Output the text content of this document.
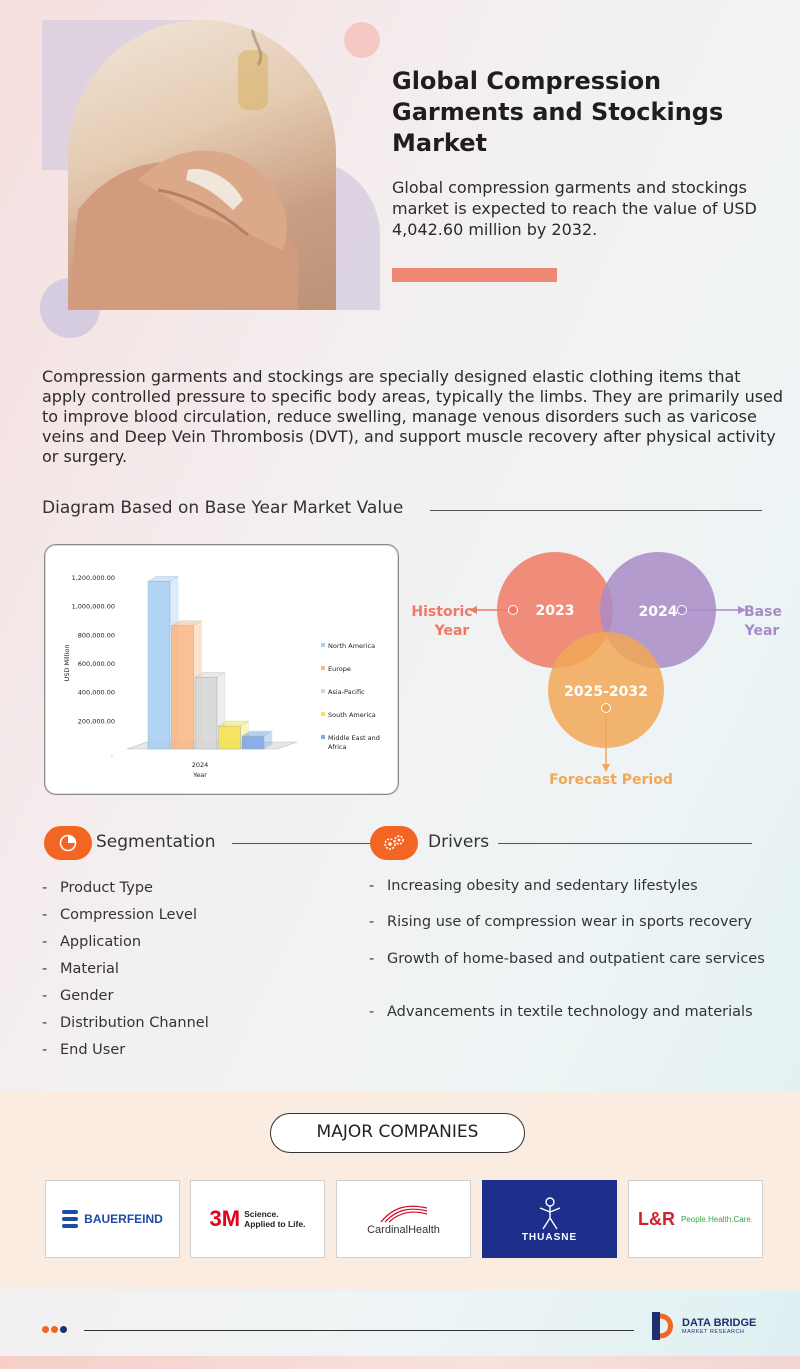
Global Compression Garments and Stockings Market
Global compression garments and stockings market is expected to reach the value of USD 4,042.60 million by 2032.
Compression garments and stockings are specially designed elastic clothing items that apply controlled pressure to specific body areas, typically the limbs. They are primarily used to improve blood circulation, reduce swelling, manage venous disorders such as varicose veins and Deep Vein Thrombosis (DVT), and support muscle recovery after physical activity or surgery.
Diagram Based on Base Year Market Value
200,000.00
400,000.00
600,000.00
800,000.00
1,000,000.00
1,200,000.00
.
USD Million
2024
Year
North America
Europe
Asia-Pacific
South America
Middle East and
Africa
2023	2024
2025-2032
Historic
Year
Base
Year
Forecast Period
Segmentation
- Product Type
- Compression Level
- Application
- Material
- Gender
- Distribution Channel
- End User
Drivers
- Increasing obesity and sedentary lifestyles
- Rising use of compression wear in sports recovery
- Growth of home-based and outpatient care services
- Advancements in textile technology and materials
MAJOR COMPANIES
BAUERFEIND 3M Science.
Applied to Life.	CardinalHealth
THUASNE
L&R People.Health.Care.
DATA BRIDGE
MARKET RESEARCH
